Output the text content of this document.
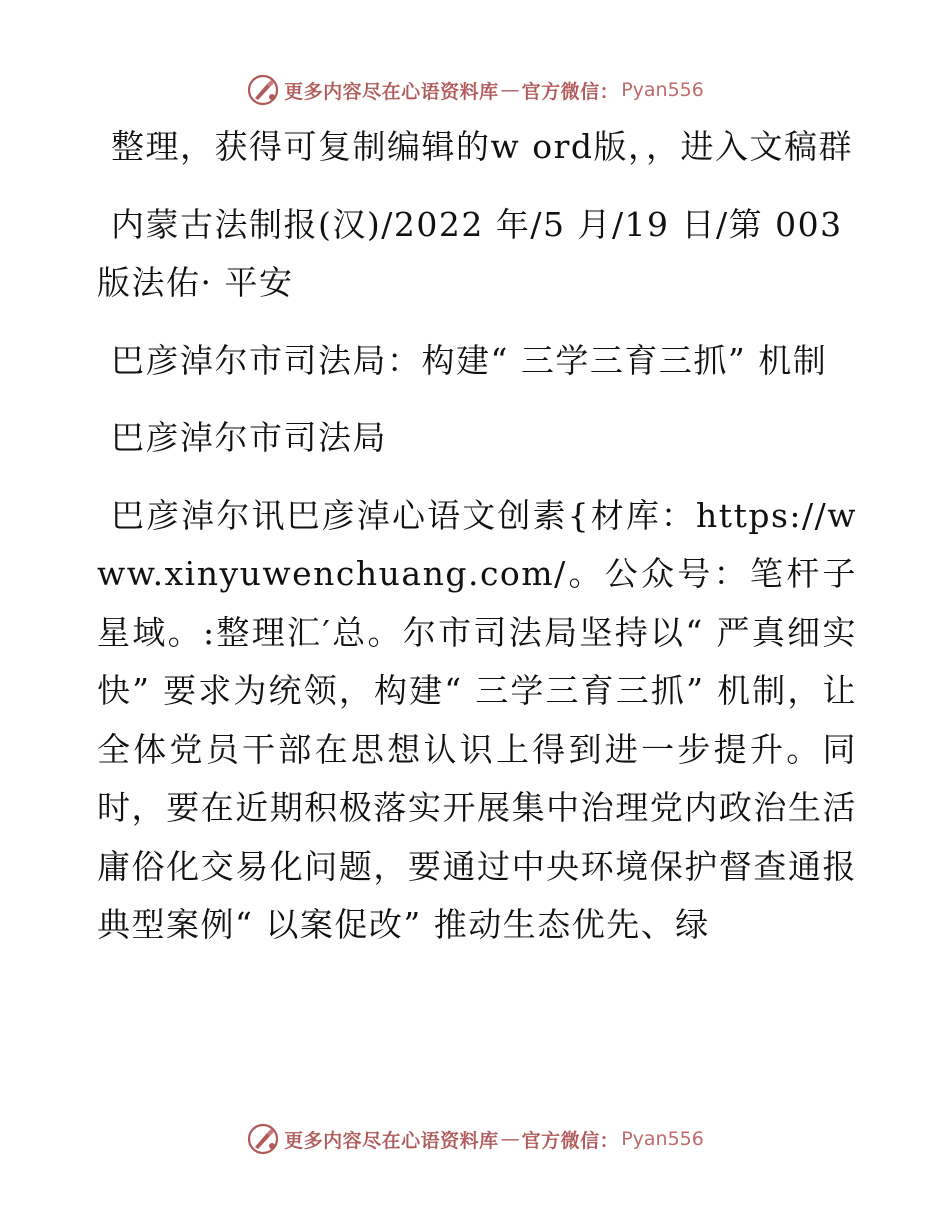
更多内容尽在心语资料库 — 官方微信： Pyan556

整理，获得可复制编辑的w ord版，，进入文稿群

内蒙古法制报(汉)/2022 年/5 月/19 日/第 003 版法佑· 平安

巴彦淖尔市司法局：构建“ 三学三育三抓” 机制

巴彦淖尔市司法局

巴彦淖尔讯巴彦淖心语文创素{材库：https://www.xinyuwenchuang.com/。公众号：笔杆子星域。:整理汇′总。尔市司法局坚持以“ 严真细实快” 要求为统领，构建“ 三学三育三抓” 机制，让全体党员干部在思想认识上得到进一步提升。同时，要在近期积极落实开展集中治理党内政治生活庸俗化交易化问题，要通过中央环境保护督查通报典型案例“ 以案促改” 推动生态优先、绿

更多内容尽在心语资料库 — 官方微信： Pyan556
